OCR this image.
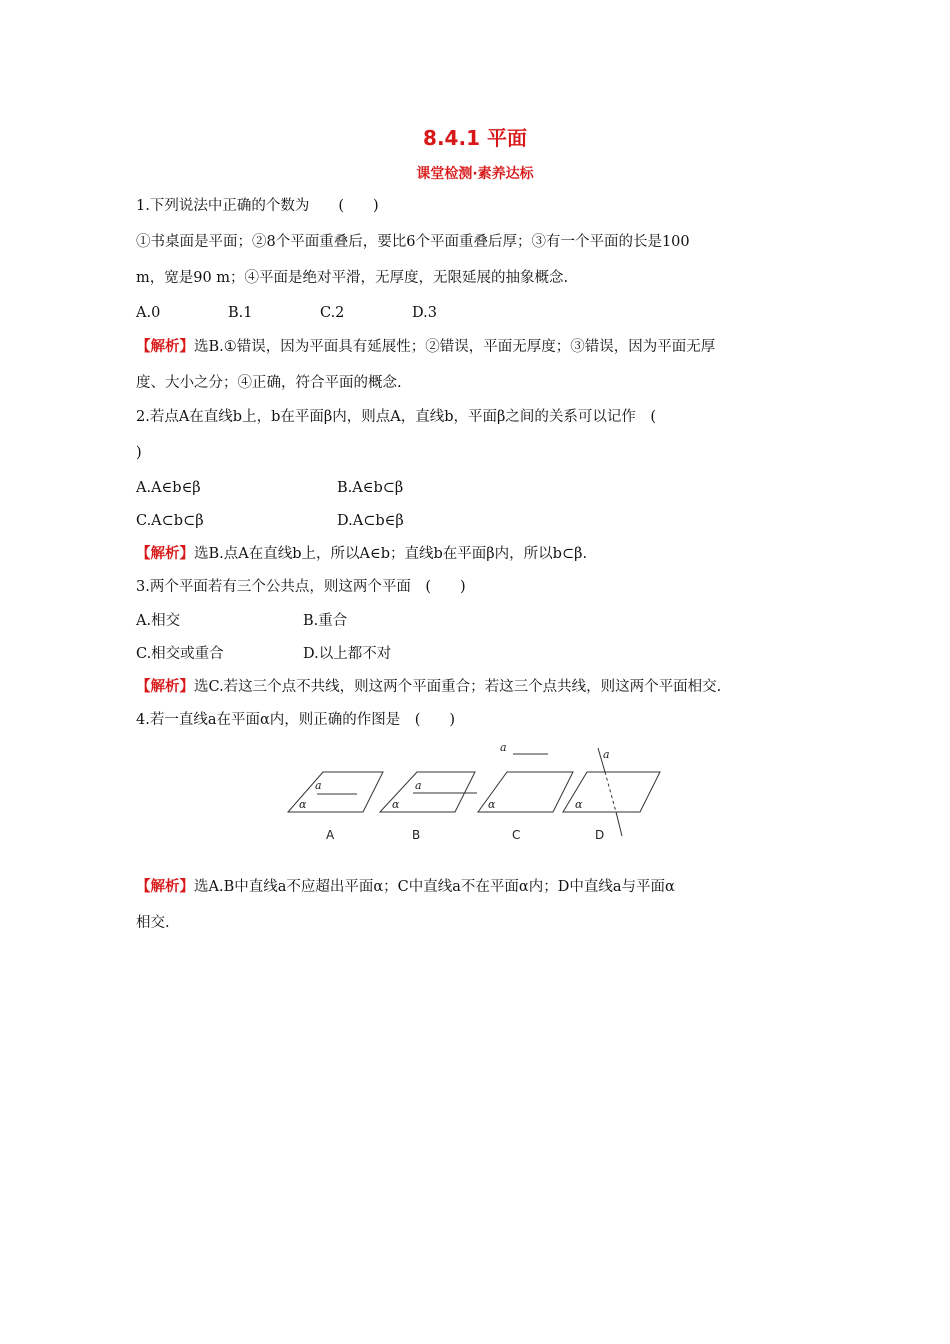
8.4.1 平面
课堂检测·素养达标
1.下列说法中正确的个数为　　(　　)
①书桌面是平面；②8个平面重叠后，要比6个平面重叠后厚；③有一个平面的长是100
m，宽是90 m；④平面是绝对平滑，无厚度，无限延展的抽象概念.
A.0	B.1	C.2	D.3
【解析】选B.①错误，因为平面具有延展性；②错误，平面无厚度；③错误，因为平面无厚
度、大小之分；④正确，符合平面的概念.
2.若点A在直线b上，b在平面β内，则点A，直线b，平面β之间的关系可以记作　(
)
A.A∈b∈β	B.A∈b⊂β
C.A⊂b⊂β	D.A⊂b∈β
【解析】选B.点A在直线b上，所以A∈b；直线b在平面β内，所以b⊂β.
3.两个平面若有三个公共点，则这两个平面　(　　)
A.相交	B.重合
C.相交或重合	D.以上都不对
【解析】选C.若这三个点不共线，则这两个平面重合；若这三个点共线，则这两个平面相交.
4.若一直线a在平面α内，则正确的作图是　(　　)
a	a
a
a
α	α	α	α
A	B	C	D
【解析】选A.B中直线a不应超出平面α；C中直线a不在平面α内；D中直线a与平面α
相交.
